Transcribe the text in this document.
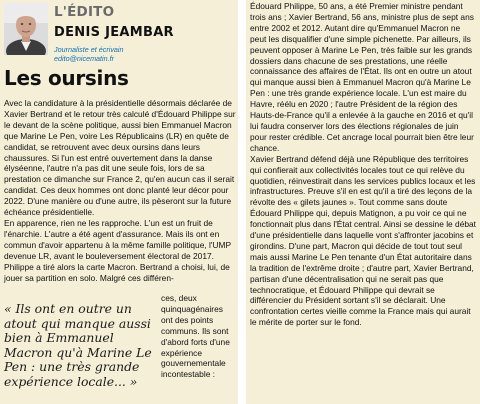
L'ÉDITO
DENIS JEAMBAR
Journaliste et écrivain
edito@nicematin.fr
Les oursins
Avec la candidature à la présidentielle désormais déclarée de Xavier Bertrand et le retour très calculé d'Édouard Philippe sur le devant de la scène politique, aussi bien Emmanuel Macron que Marine Le Pen, voire Les Républicains (LR) en quête de candidat, se retrouvent avec deux oursins dans leurs chaussures. Si l'un est entré ouvertement dans la danse élyséenne, l'autre n'a pas dit une seule fois, lors de sa prestation ce dimanche sur France 2, qu'en aucun cas il serait candidat. Ces deux hommes ont donc planté leur décor pour 2022. D'une manière ou d'une autre, ils pèseront sur la future échéance présidentielle.
En apparence, rien ne les rapproche. L'un est un fruit de l'énarchie. L'autre a été agent d'assurance. Mais ils ont en commun d'avoir appartenu à la même famille politique, l'UMP devenue LR, avant le bouleversement électoral de 2017. Philippe a tiré alors la carte Macron. Bertrand a choisi, lui, de jouer sa partition en solo. Malgré ces différen-
« Ils ont en outre un atout qui manque aussi bien à Emmanuel Macron qu'à Marine Le Pen : une très grande expérience locale... »
ces, deux quinquagénaires ont des points communs. Ils sont d'abord forts d'une expérience gouvernementale incontestable :
Édouard Philippe, 50 ans, a été Premier ministre pendant trois ans ; Xavier Bertrand, 56 ans, ministre plus de sept ans entre 2002 et 2012. Autant dire qu'Emmanuel Macron ne peut les disqualifier d'une simple pichenette. Par ailleurs, ils peuvent opposer à Marine Le Pen, très faible sur les grands dossiers dans chacune de ses prestations, une réelle connaissance des affaires de l'État. Ils ont en outre un atout qui manque aussi bien à Emmanuel Macron qu'à Marine Le Pen : une très grande expérience locale. L'un est maire du Havre, réélu en 2020 ; l'autre Président de la région des Hauts-de-France qu'il a enlevée à la gauche en 2016 et qu'il lui faudra conserver lors des élections régionales de juin pour rester crédible. Cet ancrage local pourrait bien être leur chance.
Xavier Bertrand défend déjà une République des territoires qui confierait aux collectivités locales tout ce qui relève du quotidien, réinvestirait dans les services publics locaux et les infrastructures. Preuve s'il en est qu'il a tiré des leçons de la révolte des « gilets jaunes ». Tout comme sans doute Édouard Philippe qui, depuis Matignon, a pu voir ce qui ne fonctionnait plus dans l'État central. Ainsi se dessine le débat d'une présidentielle dans laquelle vont s'affronter jacobins et girondins. D'une part, Macron qui décide de tout tout seul mais aussi Marine Le Pen tenante d'un État autoritaire dans la tradition de l'extrême droite ; d'autre part, Xavier Bertrand, partisan d'une décentralisation qui ne serait pas que technocratique, et Édouard Philippe qui devrait se différencier du Président sortant s'il se déclarait. Une confrontation certes vieille comme la France mais qui aurait le mérite de porter sur le fond.
